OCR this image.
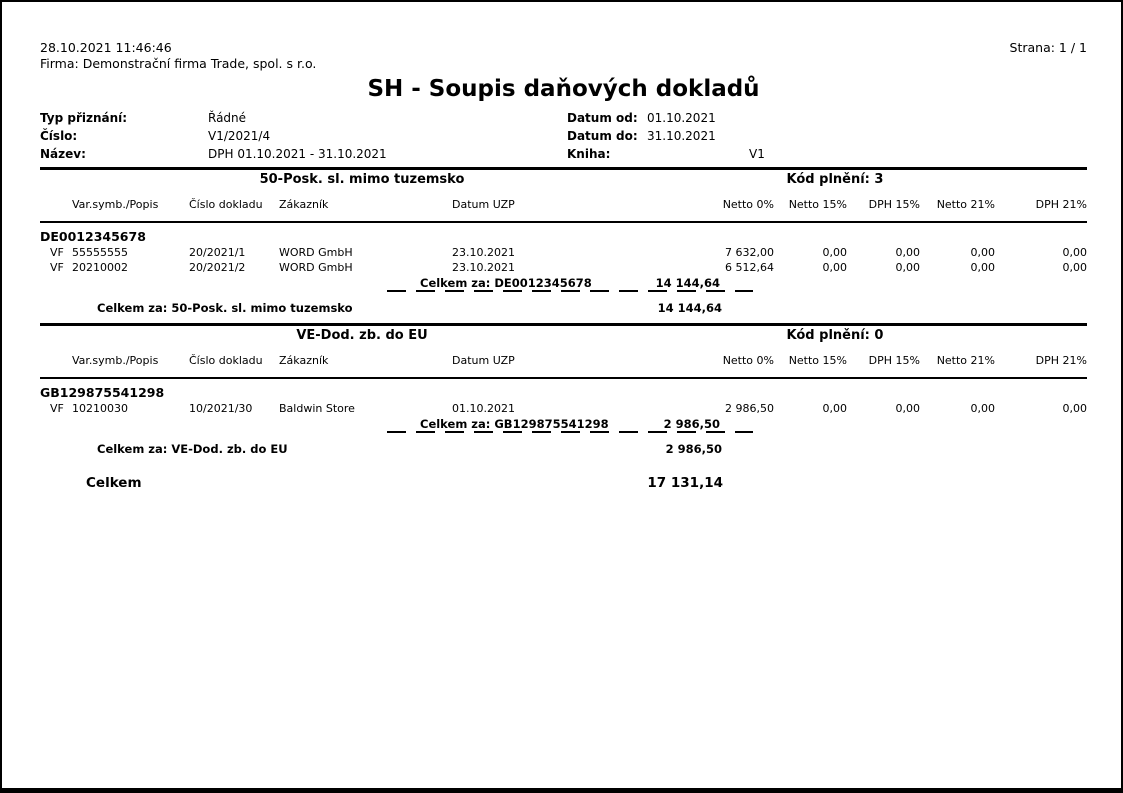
28.10.2021 11:46:46
Firma: Demonstrační firma Trade, spol. s r.o.
Strana: 1 / 1
SH - Soupis daňových dokladů
Typ přiznání:	Řádné
Číslo:	V1/2021/4
Název:	DPH 01.10.2021 - 31.10.2021
Datum od: 01.10.2021
Datum do: 31.10.2021
Kniha:	V1
50-Posk. sl. mimo tuzemsko	Kód plnění: 3
Var.symb./Popis	Číslo dokladu	Zákazník	Datum UZP	Netto 0%	Netto 15%	DPH 15%	Netto 21%	DPH 21%
DE0012345678
VF 55555555	20/2021/1	WORD GmbH	23.10.2021	7 632,00	0,00	0,00	0,00	0,00
VF 20210002	20/2021/2	WORD GmbH	23.10.2021	6 512,64	0,00	0,00	0,00	0,00
Celkem za: DE0012345678	14 144,64
Celkem za: 50-Posk. sl. mimo tuzemsko	14 144,64
VE-Dod. zb. do EU	Kód plnění: 0
Var.symb./Popis	Číslo dokladu	Zákazník	Datum UZP	Netto 0%	Netto 15%	DPH 15%	Netto 21%	DPH 21%
GB129875541298
VF 10210030	10/2021/30	Baldwin Store	01.10.2021	2 986,50	0,00	0,00	0,00	0,00
Celkem za: GB129875541298	2 986,50
Celkem za: VE-Dod. zb. do EU	2 986,50
Celkem	17 131,14
